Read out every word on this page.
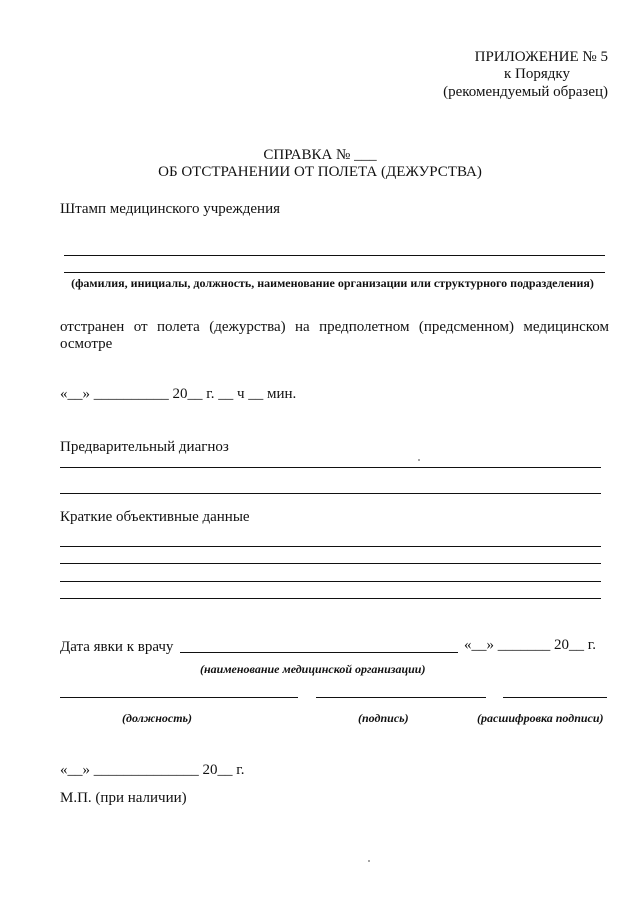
ПРИЛОЖЕНИЕ № 5
к Порядку
(рекомендуемый образец)
СПРАВКА № ___
ОБ ОТСТРАНЕНИИ ОТ ПОЛЕТА (ДЕЖУРСТВА)
Штамп медицинского учреждения
(фамилия, инициалы, должность, наименование организации или структурного подразделения)
отстранен от полета (дежурства) на предполетном (предсменном) медицинском
осмотре
«__» __________ 20__ г. __ ч __ мин.
Предварительный диагноз
Краткие объективные данные
Дата явки к врачу	«__» _______ 20__ г.
(наименование медицинской организации)
(должность)	(подпись)	(расшифровка подписи)
«__» ______________ 20__ г.
М.П. (при наличии)
